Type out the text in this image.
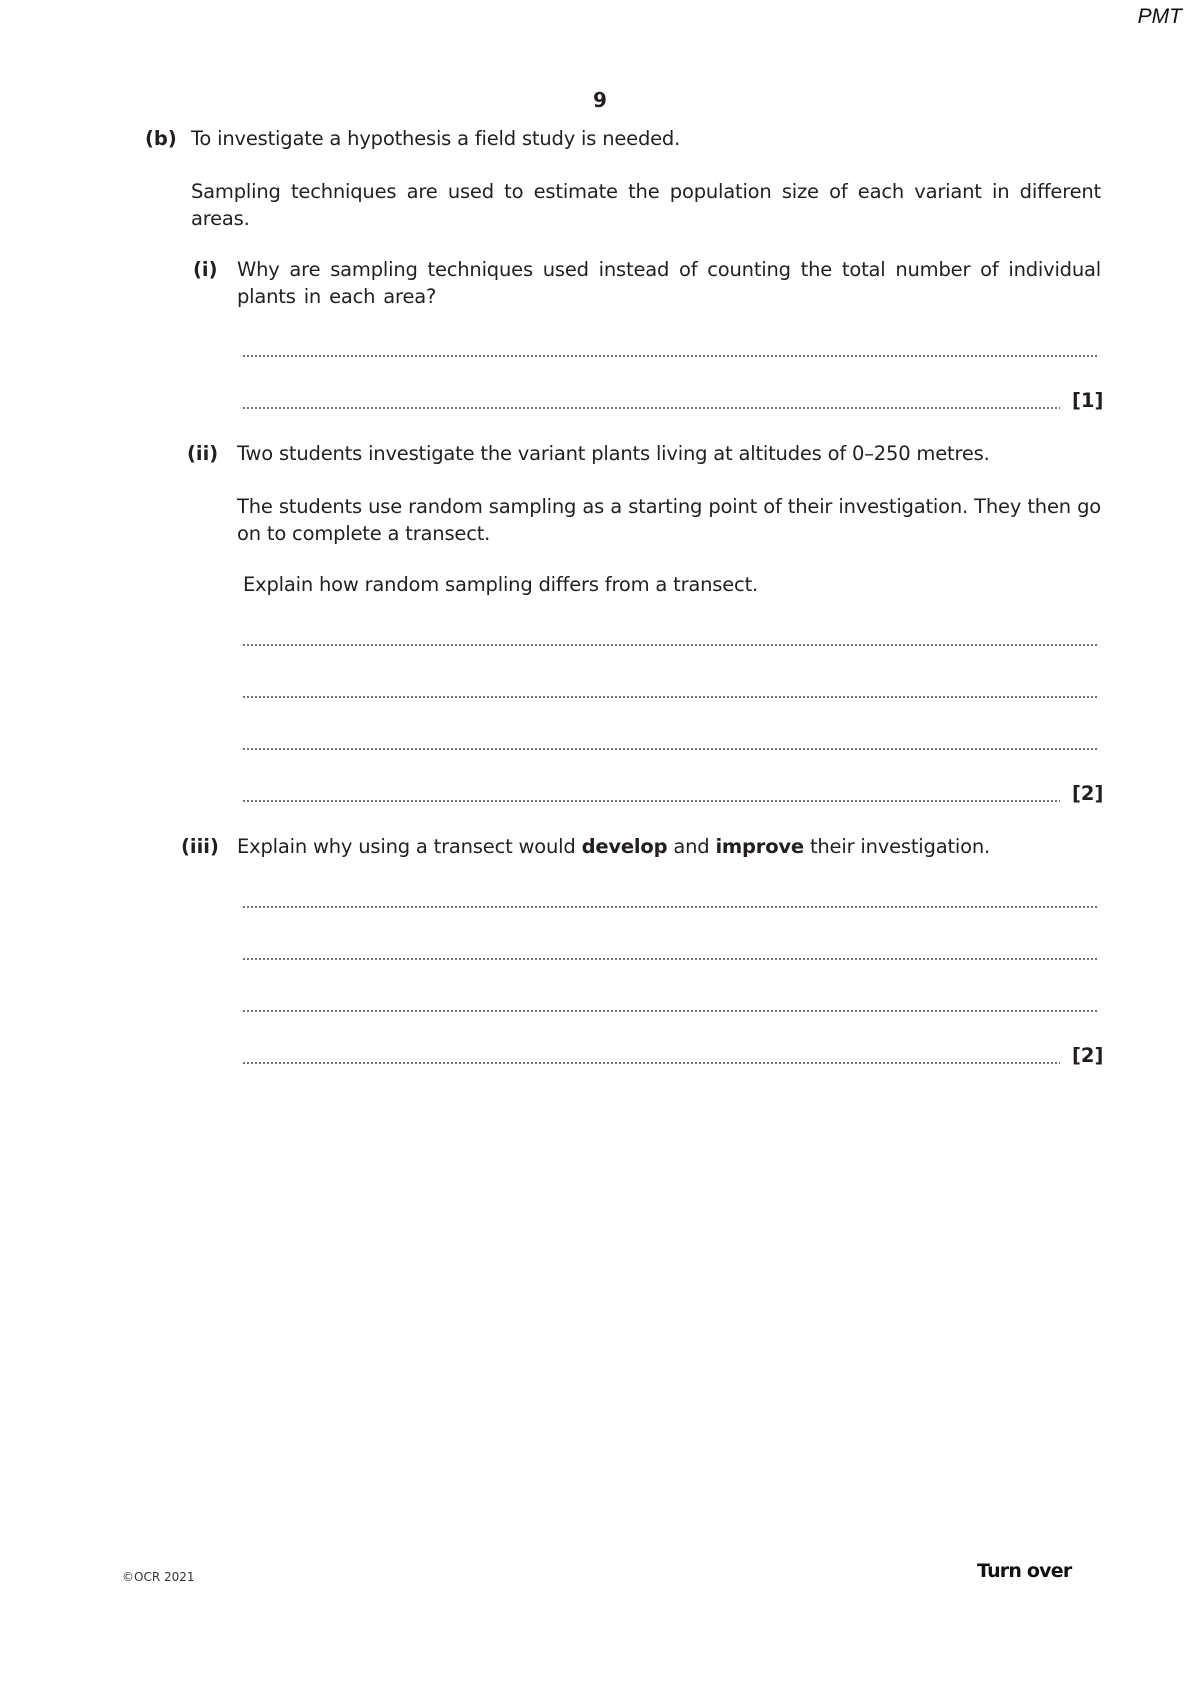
PMT
9
(b) To investigate a hypothesis a field study is needed.
Sampling techniques are used to estimate the population size of each variant in different areas.
(i) Why are sampling techniques used instead of counting the total number of individual plants in each area?
[1]
(ii) Two students investigate the variant plants living at altitudes of 0–250 metres.
The students use random sampling as a starting point of their investigation. They then go on to complete a transect.
Explain how random sampling differs from a transect.
[2]
(iii) Explain why using a transect would develop and improve their investigation.
[2]
©OCR 2021	Turn over
